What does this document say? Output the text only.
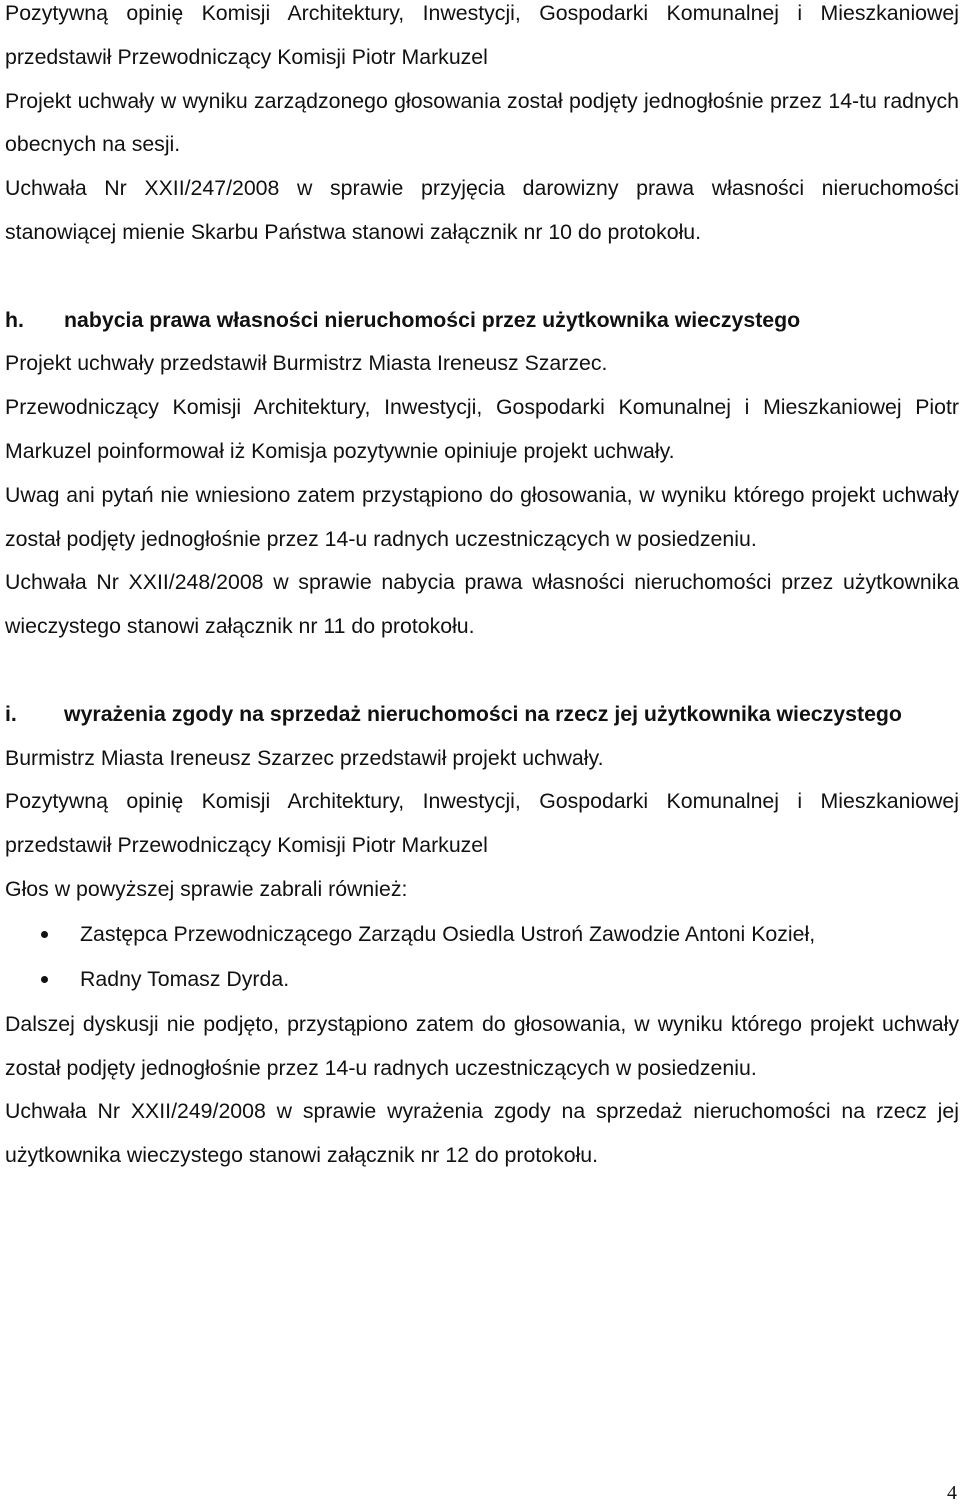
Pozytywną opinię Komisji Architektury, Inwestycji, Gospodarki Komunalnej i Mieszkaniowej przedstawił Przewodniczący Komisji Piotr Markuzel

Projekt uchwały w wyniku zarządzonego głosowania został podjęty jednogłośnie przez 14-tu radnych obecnych na sesji.

Uchwała Nr XXII/247/2008 w sprawie przyjęcia darowizny prawa własności nieruchomości stanowiącej mienie Skarbu Państwa stanowi załącznik nr 10 do protokołu.

h.	nabycia prawa własności nieruchomości przez użytkownika wieczystego

Projekt uchwały przedstawił Burmistrz Miasta Ireneusz Szarzec.

Przewodniczący Komisji Architektury, Inwestycji, Gospodarki Komunalnej i Mieszkaniowej Piotr Markuzel poinformował iż Komisja pozytywnie opiniuje projekt uchwały.

Uwag ani pytań nie wniesiono zatem przystąpiono do głosowania, w wyniku którego projekt uchwały został podjęty jednogłośnie przez 14-u radnych uczestniczących w posiedzeniu.

Uchwała Nr XXII/248/2008 w sprawie nabycia prawa własności nieruchomości przez użytkownika wieczystego stanowi załącznik nr 11 do protokołu.

i.	wyrażenia zgody na sprzedaż nieruchomości na rzecz jej użytkownika wieczystego

Burmistrz Miasta Ireneusz Szarzec przedstawił projekt uchwały.

Pozytywną opinię Komisji Architektury, Inwestycji, Gospodarki Komunalnej i Mieszkaniowej przedstawił Przewodniczący Komisji Piotr Markuzel

Głos w powyższej sprawie zabrali również:

Zastępca Przewodniczącego Zarządu Osiedla Ustroń Zawodzie Antoni Kozieł,
Radny Tomasz Dyrda.

Dalszej dyskusji nie podjęto, przystąpiono zatem do głosowania, w wyniku którego projekt uchwały został podjęty jednogłośnie przez 14-u radnych uczestniczących w posiedzeniu.

Uchwała Nr XXII/249/2008 w sprawie wyrażenia zgody na sprzedaż nieruchomości na rzecz jej użytkownika wieczystego stanowi załącznik nr 12 do protokołu.

4
